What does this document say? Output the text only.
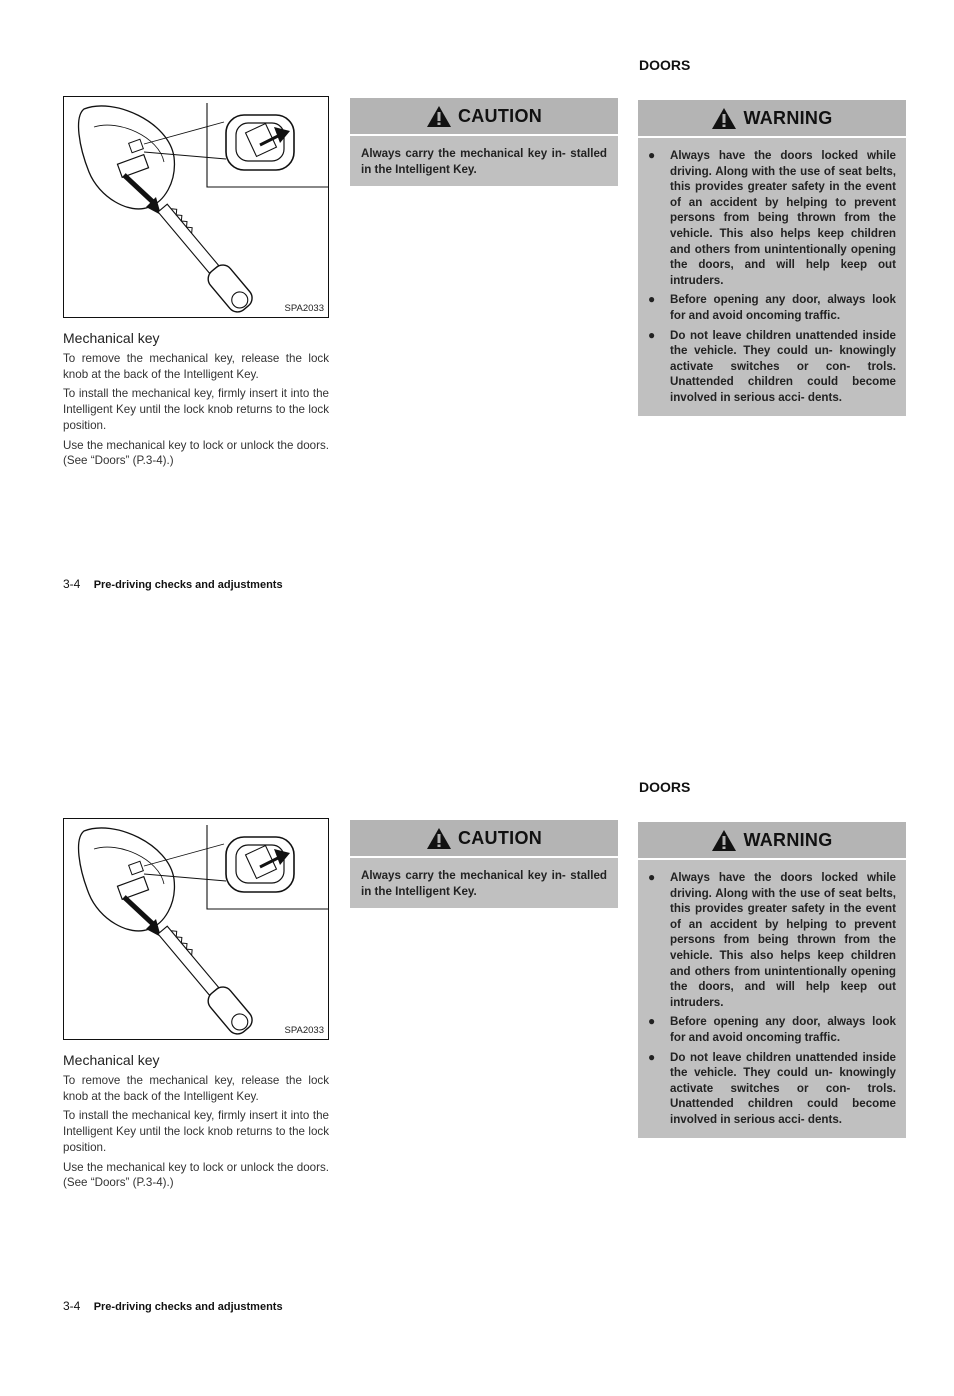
DOORS
SPA2033
Mechanical key

To remove the mechanical key, release the lock knob at the back of the Intelligent Key.

To install the mechanical key, firmly insert it into the Intelligent Key until the lock knob returns to the lock position.

Use the mechanical key to lock or unlock the doors. (See “Doors” (P.3-4).)

CAUTION

Always carry the mechanical key in- stalled in the Intelligent Key.

WARNING
● Always have the doors locked while driving. Along with the use of seat belts, this provides greater safety in the event of an accident by helping to prevent persons from being thrown from the vehicle. This also helps keep children and others from unintentionally opening the doors, and will help keep out intruders.
● Before opening any door, always look for and avoid oncoming traffic.
● Do not leave children unattended inside the vehicle. They could un- knowingly activate switches or con- trols. Unattended children could become involved in serious acci- dents.
3-4 Pre-driving checks and adjustments
DOORS
SPA2033
Mechanical key

To remove the mechanical key, release the lock knob at the back of the Intelligent Key.

To install the mechanical key, firmly insert it into the Intelligent Key until the lock knob returns to the lock position.

Use the mechanical key to lock or unlock the doors. (See “Doors” (P.3-4).)

CAUTION

Always carry the mechanical key in- stalled in the Intelligent Key.

WARNING
● Always have the doors locked while driving. Along with the use of seat belts, this provides greater safety in the event of an accident by helping to prevent persons from being thrown from the vehicle. This also helps keep children and others from unintentionally opening the doors, and will help keep out intruders.
● Before opening any door, always look for and avoid oncoming traffic.
● Do not leave children unattended inside the vehicle. They could un- knowingly activate switches or con- trols. Unattended children could become involved in serious acci- dents.
3-4 Pre-driving checks and adjustments
